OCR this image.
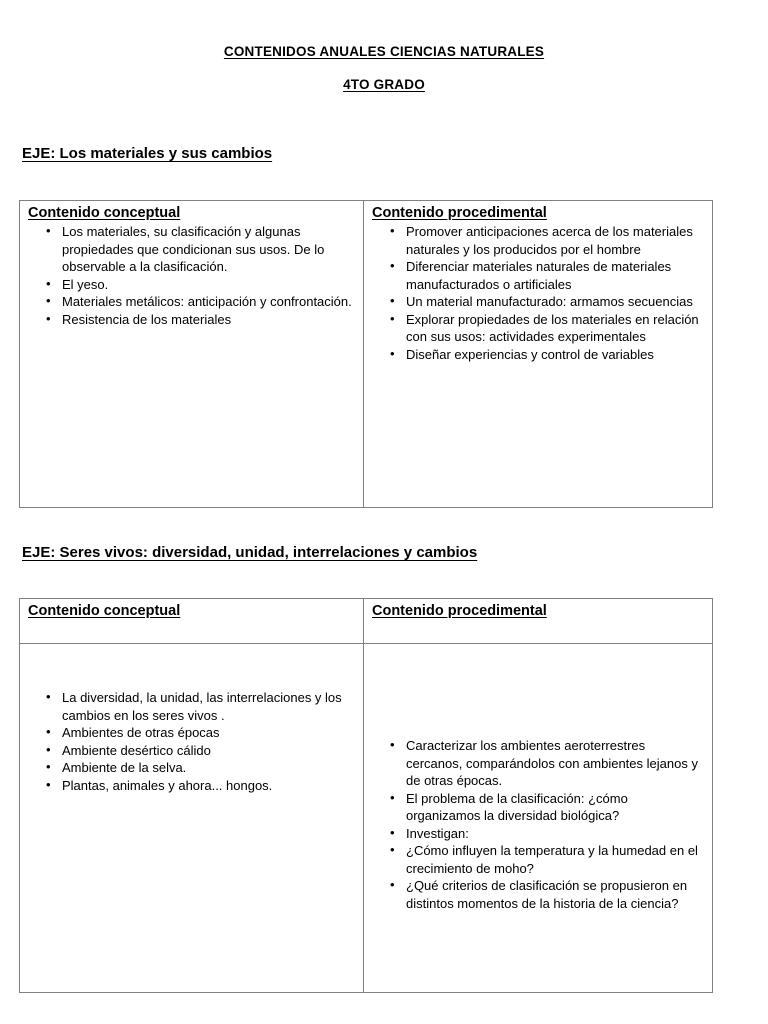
CONTENIDOS ANUALES CIENCIAS NATURALES
4TO GRADO
EJE: Los materiales y sus cambios
Contenido conceptual
• Los materiales, su clasificación y algunas propiedades que condicionan sus usos. De lo observable a la clasificación.
• El yeso.
• Materiales metálicos: anticipación y confrontación.
• Resistencia de los materiales

Contenido procedimental
• Promover anticipaciones acerca de los materiales naturales y los producidos por el hombre
• Diferenciar materiales naturales de materiales manufacturados o artificiales
• Un material manufacturado: armamos secuencias
• Explorar propiedades de los materiales en relación con sus usos: actividades experimentales
• Diseñar experiencias y control de variables
EJE: Seres vivos: diversidad, unidad, interrelaciones y cambios
Contenido conceptual	Contenido procedimental

• La diversidad, la unidad, las interrelaciones y los cambios en los seres vivos .
• Ambientes de otras épocas
• Ambiente desértico cálido
• Ambiente de la selva.
• Plantas, animales y ahora... hongos.

• Caracterizar los ambientes aeroterrestres cercanos, comparándolos con ambientes lejanos y de otras épocas.
• El problema de la clasificación: ¿cómo organizamos la diversidad biológica?
• Investigan:
• ¿Cómo influyen la temperatura y la humedad en el crecimiento de moho?
• ¿Qué criterios de clasificación se propusieron en distintos momentos de la historia de la ciencia?
